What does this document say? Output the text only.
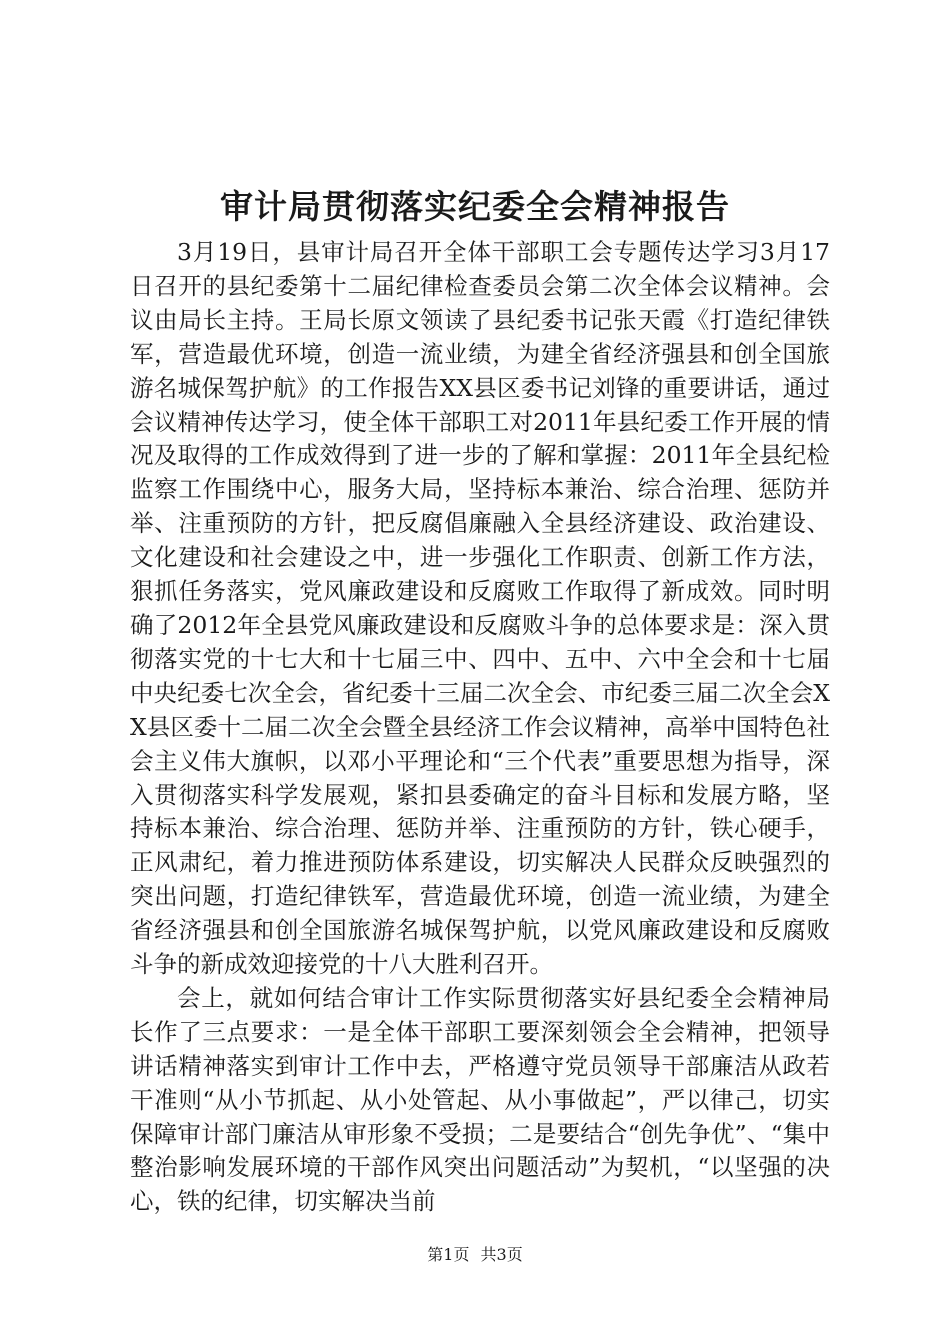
审计局贯彻落实纪委全会精神报告

3月19日，县审计局召开全体干部职工会专题传达学习3月17日召开的县纪委第十二届纪律检查委员会第二次全体会议精神。会议由局长主持。王局长原文领读了县纪委书记张天霞《打造纪律铁军，营造最优环境，创造一流业绩，为建全省经济强县和创全国旅游名城保驾护航》的工作报告XX县区委书记刘锋的重要讲话，通过会议精神传达学习，使全体干部职工对2011年县纪委工作开展的情况及取得的工作成效得到了进一步的了解和掌握：2011年全县纪检监察工作围绕中心，服务大局，坚持标本兼治、综合治理、惩防并举、注重预防的方针，把反腐倡廉融入全县经济建设、政治建设、文化建设和社会建设之中，进一步强化工作职责、创新工作方法，狠抓任务落实，党风廉政建设和反腐败工作取得了新成效。同时明确了2012年全县党风廉政建设和反腐败斗争的总体要求是：深入贯彻落实党的十七大和十七届三中、四中、五中、六中全会和十七届中央纪委七次全会，省纪委十三届二次全会、市纪委三届二次全会XX县区委十二届二次全会暨全县经济工作会议精神，高举中国特色社会主义伟大旗帜，以邓小平理论和“三个代表”重要思想为指导，深入贯彻落实科学发展观，紧扣县委确定的奋斗目标和发展方略，坚持标本兼治、综合治理、惩防并举、注重预防的方针，铁心硬手，正风肃纪，着力推进预防体系建设，切实解决人民群众反映强烈的突出问题，打造纪律铁军，营造最优环境，创造一流业绩，为建全省经济强县和创全国旅游名城保驾护航，以党风廉政建设和反腐败斗争的新成效迎接党的十八大胜利召开。

会上，就如何结合审计工作实际贯彻落实好县纪委全会精神局长作了三点要求：一是全体干部职工要深刻领会全会精神，把领导讲话精神落实到审计工作中去，严格遵守党员领导干部廉洁从政若干准则“从小节抓起、从小处管起、从小事做起”，严以律己，切实保障审计部门廉洁从审形象不受损；二是要结合“创先争优”、“集中整治影响发展环境的干部作风突出问题活动”为契机，“以坚强的决心，铁的纪律，切实解决当前

第1页 共3页
